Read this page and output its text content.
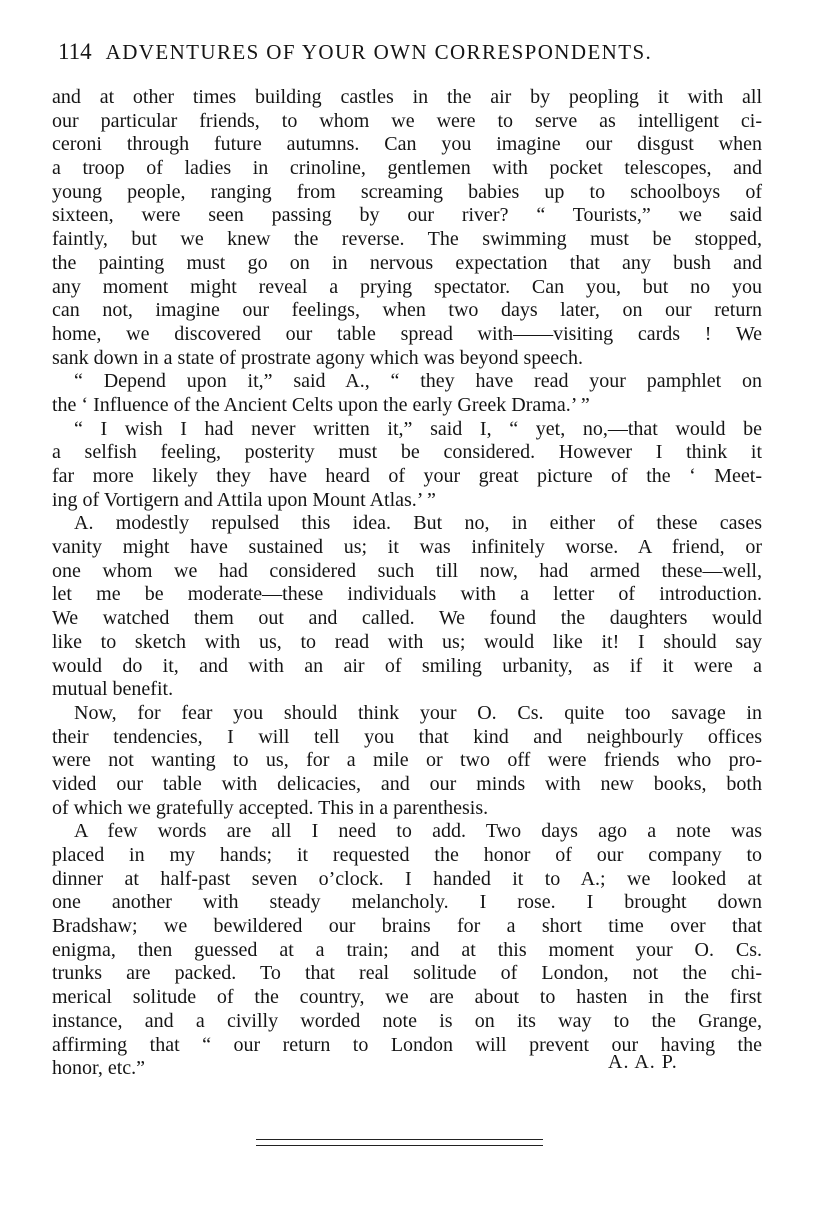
114 ADVENTURES OF YOUR OWN CORRESPONDENTS.
and at other times building castles in the air by peopling it with all
our particular friends, to whom we were to serve as intelligent ci-
ceroni through future autumns. Can you imagine our disgust when
a troop of ladies in crinoline, gentlemen with pocket telescopes, and
young people, ranging from screaming babies up to schoolboys of
sixteen, were seen passing by our river? “ Tourists,” we said
faintly, but we knew the reverse. The swimming must be stopped,
the painting must go on in nervous expectation that any bush and
any moment might reveal a prying spectator. Can you, but no you
can not, imagine our feelings, when two days later, on our return
home, we discovered our table spread with——visiting cards ! We
sank down in a state of prostrate agony which was beyond speech.
“ Depend upon it,” said A., “ they have read your pamphlet on
the ‘ Influence of the Ancient Celts upon the early Greek Drama.’ ”
“ I wish I had never written it,” said I, “ yet, no,—that would be
a selfish feeling, posterity must be considered. However I think it
far more likely they have heard of your great picture of the ‘ Meet-
ing of Vortigern and Attila upon Mount Atlas.’ ”
A. modestly repulsed this idea. But no, in either of these cases
vanity might have sustained us; it was infinitely worse. A friend, or
one whom we had considered such till now, had armed these—well,
let me be moderate—these individuals with a letter of introduction.
We watched them out and called. We found the daughters would
like to sketch with us, to read with us; would like it! I should say
would do it, and with an air of smiling urbanity, as if it were a
mutual benefit.
Now, for fear you should think your O. Cs. quite too savage in
their tendencies, I will tell you that kind and neighbourly offices
were not wanting to us, for a mile or two off were friends who pro-
vided our table with delicacies, and our minds with new books, both
of which we gratefully accepted. This in a parenthesis.
A few words are all I need to add. Two days ago a note was
placed in my hands; it requested the honor of our company to
dinner at half-past seven o’clock. I handed it to A.; we looked at
one another with steady melancholy. I rose. I brought down
Bradshaw; we bewildered our brains for a short time over that
enigma, then guessed at a train; and at this moment your O. Cs.
trunks are packed. To that real solitude of London, not the chi-
merical solitude of the country, we are about to hasten in the first
instance, and a civilly worded note is on its way to the Grange,
affirming that “ our return to London will prevent our having the
honor, etc.”	A. A. P.
